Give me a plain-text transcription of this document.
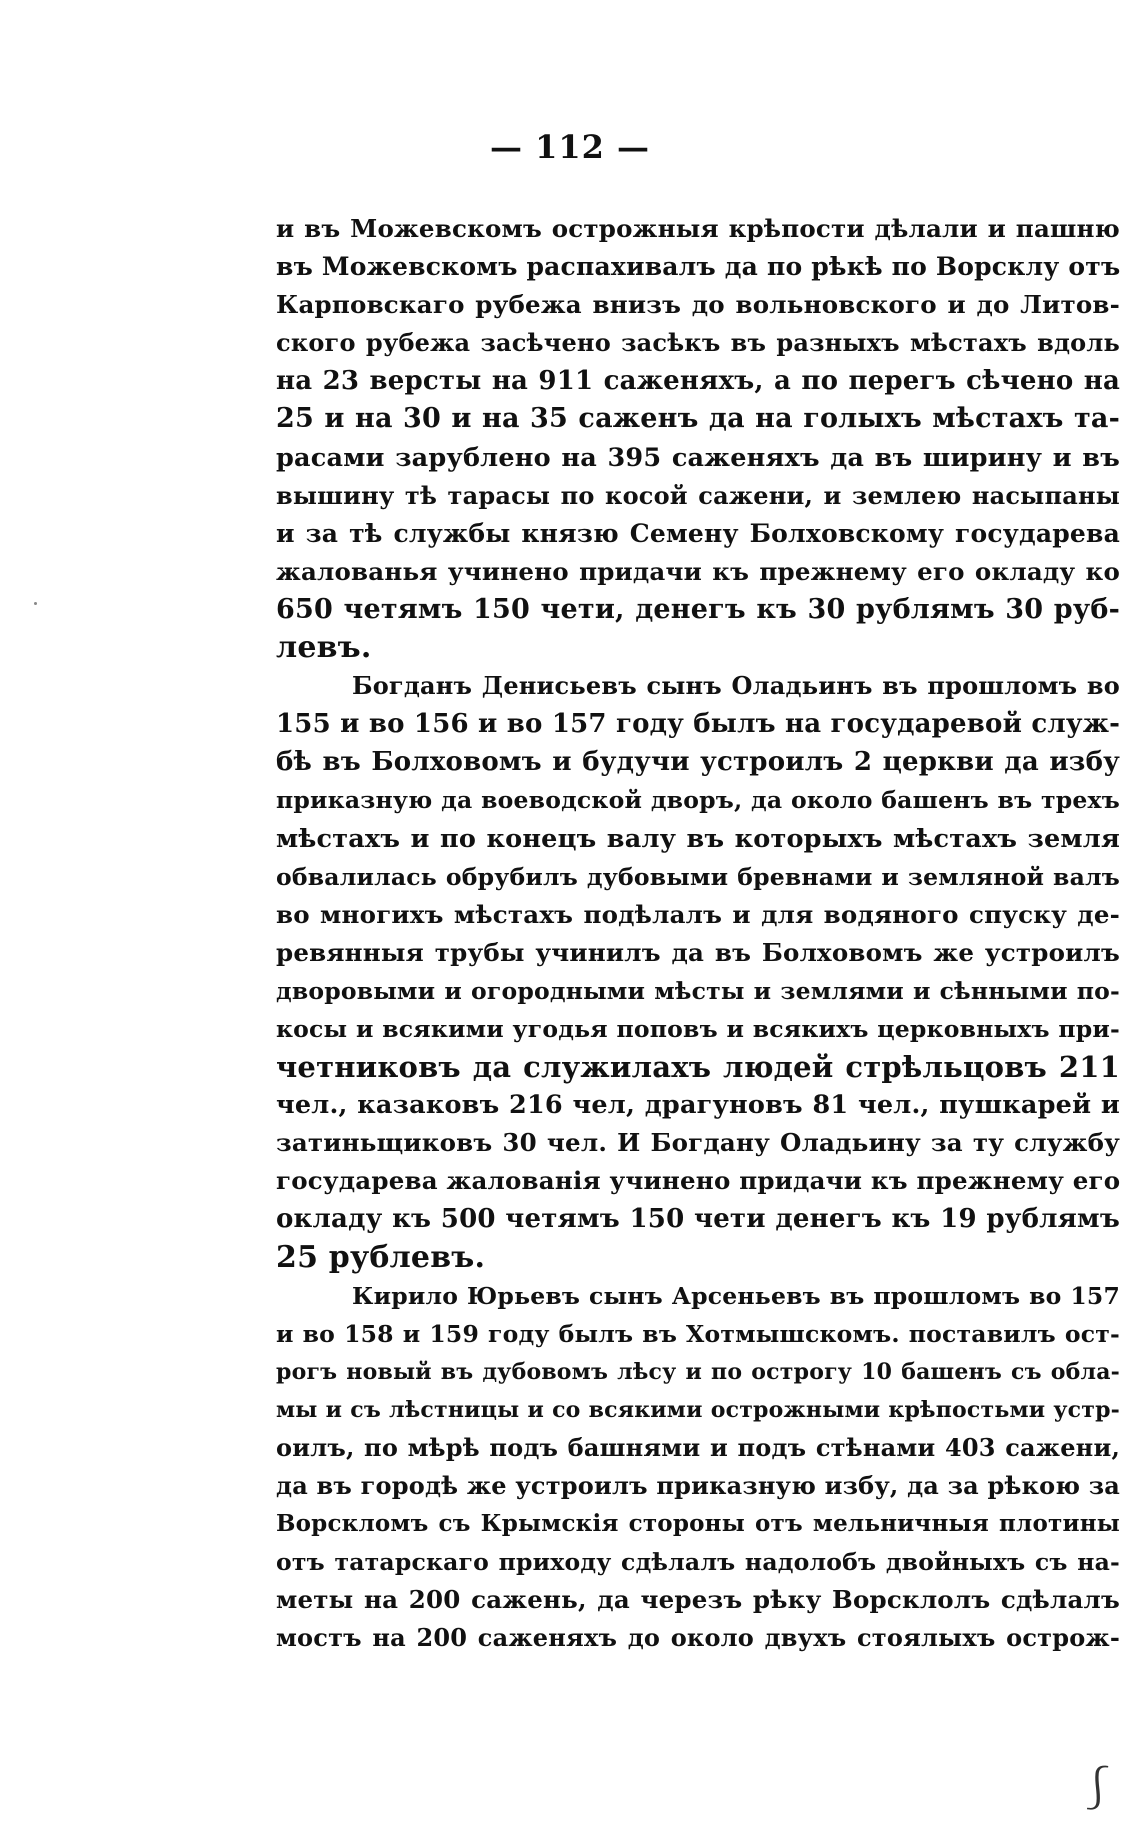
— 112 —
и въ Можевскомъ острожныя крѣпости дѣлали и пашню
въ Можевскомъ распахивалъ да по рѣкѣ по Ворсклу отъ
Карповскаго рубежа внизъ до вольновского и до Литов-
ского рубежа засѣчено засѣкъ въ разныхъ мѣстахъ вдоль
на 23 версты на 911 саженяхъ, а по перегъ сѣчено на
25 и на 30 и на 35 саженъ да на голыхъ мѣстахъ та-
расами зарублено на 395 саженяхъ да въ ширину и въ
вышину тѣ тарасы по косой сажени, и землею насыпаны
и за тѣ службы князю Семену Болховскому государева
жалованья учинено придачи къ прежнему его окладу ко
650 четямъ 150 чети, денегъ къ 30 рублямъ 30 руб-
левъ.
Богданъ Денисьевъ сынъ Оладьинъ въ прошломъ во
155 и во 156 и во 157 году былъ на государевой служ-
бѣ въ Болховомъ и будучи устроилъ 2 церкви да избу
приказную да воеводской дворъ, да около башенъ въ трехъ
мѣстахъ и по конецъ валу въ которыхъ мѣстахъ земля
обвалилась обрубилъ дубовыми бревнами и земляной валъ
во многихъ мѣстахъ подѣлалъ и для водяного спуску де-
ревянныя трубы учинилъ да въ Болховомъ же устроилъ
дворовыми и огородными мѣсты и землями и сѣнными по-
косы и всякими угодья поповъ и всякихъ церковныхъ при-
четниковъ да служилахъ людей стрѣльцовъ 211
чел., казаковъ 216 чел, драгуновъ 81 чел., пушкарей и
затиньщиковъ 30 чел. И Богдану Оладьину за ту службу
государева жалованія учинено придачи къ прежнему его
окладу къ 500 четямъ 150 чети денегъ къ 19 рублямъ
25 рублевъ.
Кирило Юрьевъ сынъ Арсеньевъ въ прошломъ во 157
и во 158 и 159 году былъ въ Хотмышскомъ. поставилъ ост-
рогъ новый въ дубовомъ лѣсу и по острогу 10 башенъ съ обла-
мы и съ лѣстницы и со всякими острожными крѣпостьми устр-
оилъ, по мѣрѣ подъ башнями и подъ стѣнами 403 сажени,
да въ городѣ же устроилъ приказную избу, да за рѣкою за
Ворскломъ съ Крымскія стороны отъ мельничныя плотины
отъ татарскаго приходу сдѣлалъ надолобъ двойныхъ съ на-
меты на 200 сажень, да черезъ рѣку Ворсклолъ сдѣлалъ
мостъ на 200 саженяхъ до около двухъ стоялыхъ острож-
⎰
